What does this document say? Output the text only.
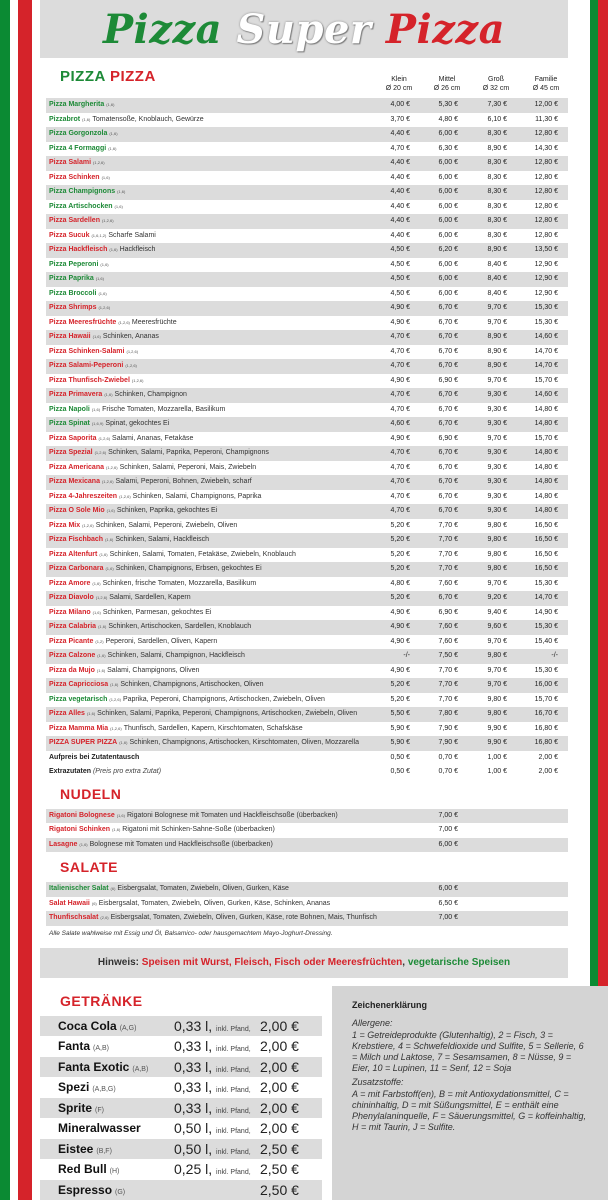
Pizza
Super
Pizza
PIZZA PIZZA	Klein
Ø 20 cm
Mittel
Ø 26 cm
Groß
Ø 32 cm
Familie
Ø 45 cm
Pizza Margherita (1,6)	4,00 €	5,30 €	7,30 €	12,00 €
Pizzabrot (1,6) Tomatensoße, Knoblauch, Gewürze	3,70 €	4,80 €	6,10 €	11,30 €
Pizza Gorgonzola (1,6)	4,40 €	6,00 €	8,30 €	12,80 €
Pizza 4 Formaggi (1,6)	4,70 €	6,30 €	8,90 €	14,30 €
Pizza Salami (1,2,6)	4,40 €	6,00 €	8,30 €	12,80 €
Pizza Schinken (1,6)	4,40 €	6,00 €	8,30 €	12,80 €
Pizza Champignons (1,6)	4,40 €	6,00 €	8,30 €	12,80 €
Pizza Artischocken (1,6)	4,40 €	6,00 €	8,30 €	12,80 €
Pizza Sardellen (1,2,6)	4,40 €	6,00 €	8,30 €	12,80 €
Pizza Sucuk (1,6,1,2) Scharfe Salami	4,40 €	6,00 €	8,30 €	12,80 €
Pizza Hackfleisch (1,6) Hackfleisch	4,50 €	6,20 €	8,90 €	13,50 €
Pizza Peperoni (1,6)	4,50 €	6,00 €	8,40 €	12,90 €
Pizza Paprika (1,6)	4,50 €	6,00 €	8,40 €	12,90 €
Pizza Broccoli (1,6)	4,50 €	6,00 €	8,40 €	12,90 €
Pizza Shrimps (1,2,6)	4,90 €	6,70 €	9,70 €	15,30 €
Pizza Meeresfrüchte (1,2,6) Meeresfrüchte	4,90 €	6,70 €	9,70 €	15,30 €
Pizza Hawaii (1,6) Schinken, Ananas	4,70 €	6,70 €	8,90 €	14,60 €
Pizza Schinken-Salami (1,2,6)	4,70 €	6,70 €	8,90 €	14,70 €
Pizza Salami-Peperoni (1,2,6)	4,70 €	6,70 €	8,90 €	14,70 €
Pizza Thunfisch-Zwiebel (1,2,6)	4,90 €	6,90 €	9,70 €	15,70 €
Pizza Primavera (1,6) Schinken, Champignon	4,70 €	6,70 €	9,30 €	14,60 €
Pizza Napoli (1,6) Frische Tomaten, Mozzarella, Basilikum	4,70 €	6,70 €	9,30 €	14,80 €
Pizza Spinat (1,6,9) Spinat, gekochtes Ei	4,60 €	6,70 €	9,30 €	14,80 €
Pizza Saporita (1,2,6) Salami, Ananas, Fetakäse	4,90 €	6,90 €	9,70 €	15,70 €
Pizza Spezial (1,2,6) Schinken, Salami, Paprika, Peperoni, Champignons	4,70 €	6,70 €	9,30 €	14,80 €
Pizza Americana (1,2,6) Schinken, Salami, Peperoni, Mais, Zwiebeln	4,70 €	6,70 €	9,30 €	14,80 €
Pizza Mexicana (1,2,6) Salami, Peperoni, Bohnen, Zwiebeln, scharf	4,70 €	6,70 €	9,30 €	14,80 €
Pizza 4-Jahreszeiten (1,2,6) Schinken, Salami, Champignons, Paprika	4,70 €	6,70 €	9,30 €	14,80 €
Pizza O Sole Mio (1,6) Schinken, Paprika, gekochtes Ei	4,70 €	6,70 €	9,30 €	14,80 €
Pizza Mix (1,2,6) Schinken, Salami, Peperoni, Zwiebeln, Oliven	5,20 €	7,70 €	9,80 €	16,50 €
Pizza Fischbach (1,6) Schinken, Salami, Hackfleisch	5,20 €	7,70 €	9,80 €	16,50 €
Pizza Altenfurt (1,6) Schinken, Salami, Tomaten, Fetakäse, Zwiebeln, Knoblauch	5,20 €	7,70 €	9,80 €	16,50 €
Pizza Carbonara (1,6) Schinken, Champignons, Erbsen, gekochtes Ei	5,20 €	7,70 €	9,80 €	16,50 €
Pizza Amore (1,6) Schinken, frische Tomaten, Mozzarella, Basilikum	4,80 €	7,60 €	9,70 €	15,30 €
Pizza Diavolo (1,2,6) Salami, Sardellen, Kapern	5,20 €	6,70 €	9,20 €	14,70 €
Pizza Milano (1,6) Schinken, Parmesan, gekochtes Ei	4,90 €	6,90 €	9,40 €	14,90 €
Pizza Calabria (1,6) Schinken, Artischocken, Sardellen, Knoblauch	4,90 €	7,60 €	9,60 €	15,30 €
Pizza Picante (1,2) Peperoni, Sardellen, Oliven, Kapern	4,90 €	7,60 €	9,70 €	15,40 €
Pizza Calzone (1,6) Schinken, Salami, Champignon, Hackfleisch	-/-	7,50 €	9,80 €	-/-
Pizza da Mujo (1,6) Salami, Champignons, Oliven	4,90 €	7,70 €	9,70 €	15,30 €
Pizza Capricciosa (1,6) Schinken, Champignons, Artischocken, Oliven	5,20 €	7,70 €	9,70 €	16,00 €
Pizza vegetarisch (1,2,6) Paprika, Peperoni, Champignons, Artischocken, Zwiebeln, Oliven	5,20 €	7,70 €	9,80 €	15,70 €
Pizza Alles (1,6) Schinken, Salami, Paprika, Peperoni, Champignons, Artischocken, Zwiebeln, Oliven	5,50 €	7,80 €	9,80 €	16,70 €
Pizza Mamma Mia (1,2,6) Thunfisch, Sardellen, Kapern, Kirschtomaten, Schafskäse	5,90 €	7,90 €	9,90 €	16,80 €
PIZZA SUPER PIZZA (1,6) Schinken, Champignons, Artischocken, Kirschtomaten, Oliven, Mozzarella	5,90 €	7,90 €	9,90 €	16,80 €
Aufpreis bei Zutatentausch	0,50 €	0,70 €	1,00 €	2,00 €
Extrazutaten (Preis pro extra Zutat)	0,50 €	0,70 €	1,00 €	2,00 €
NUDELN
Rigatoni Bolognese (1,6) Rigatoni Bolognese mit Tomaten und Hackfleischsoße (überbacken)	7,00 €
Rigatoni Schinken (1,6) Rigatoni mit Schinken-Sahne-Soße (überbacken)	7,00 €
Lasagne (1,6) Bolognese mit Tomaten und Hackfleischsoße (überbacken)	6,00 €
SALATE
Italienischer Salat (6) Eisbergsalat, Tomaten, Zwiebeln, Oliven, Gurken, Käse	6,00 €
Salat Hawaii (6) Eisbergsalat, Tomaten, Zwiebeln, Oliven, Gurken, Käse, Schinken, Ananas	6,50 €
Thunfischsalat (2,6) Eisbergsalat, Tomaten, Zwiebeln, Oliven, Gurken, Käse, rote Bohnen, Mais, Thunfisch	7,00 €
Alle Salate wahlweise mit Essig und Öl, Balsamico- oder hausgemachtem Mayo-Joghurt-Dressing.
Hinweis: Speisen mit Wurst, Fleisch, Fisch oder Meeresfrüchten, vegetarische Speisen
GETRÄNKE
Coca Cola (A,G)	0,33 l, inkl. Pfand, 2,00 €
Fanta (A,B)	0,33 l, inkl. Pfand, 2,00 €
Fanta Exotic (A,B) 0,33 l, inkl. Pfand, 2,00 €
Spezi (A,B,G)	0,33 l, inkl. Pfand, 2,00 €
Sprite (F)	0,33 l, inkl. Pfand, 2,00 €
Mineralwasser 0,50 l, inkl. Pfand, 2,00 €
Eistee (B,F)	0,50 l, inkl. Pfand, 2,50 €
Red Bull (H)	0,25 l, inkl. Pfand, 2,50 €
Espresso (G)	2,50 €
Zeichenerklärung
Allergene:
1 = Getreideprodukte (Glutenhaltig), 2 = Fisch, 3 = Krebstiere, 4 = Schwefeldioxide und Sulfite, 5 = Sellerie, 6 = Milch und Laktose, 7 = Sesamsamen, 8 = Nüsse, 9 = Eier, 10 = Lupinen, 11 = Senf, 12 = Soja
Zusatzstoffe:
A = mit Farbstoff(en), B = mit Antioxydationsmittel, C = chininhaltig, D = mit Süßungsmittel, E = enthält eine Phenylalaninquelle, F = Säuerungsmittel, G = koffeinhaltig, H = mit Taurin, J = Sulfite.
